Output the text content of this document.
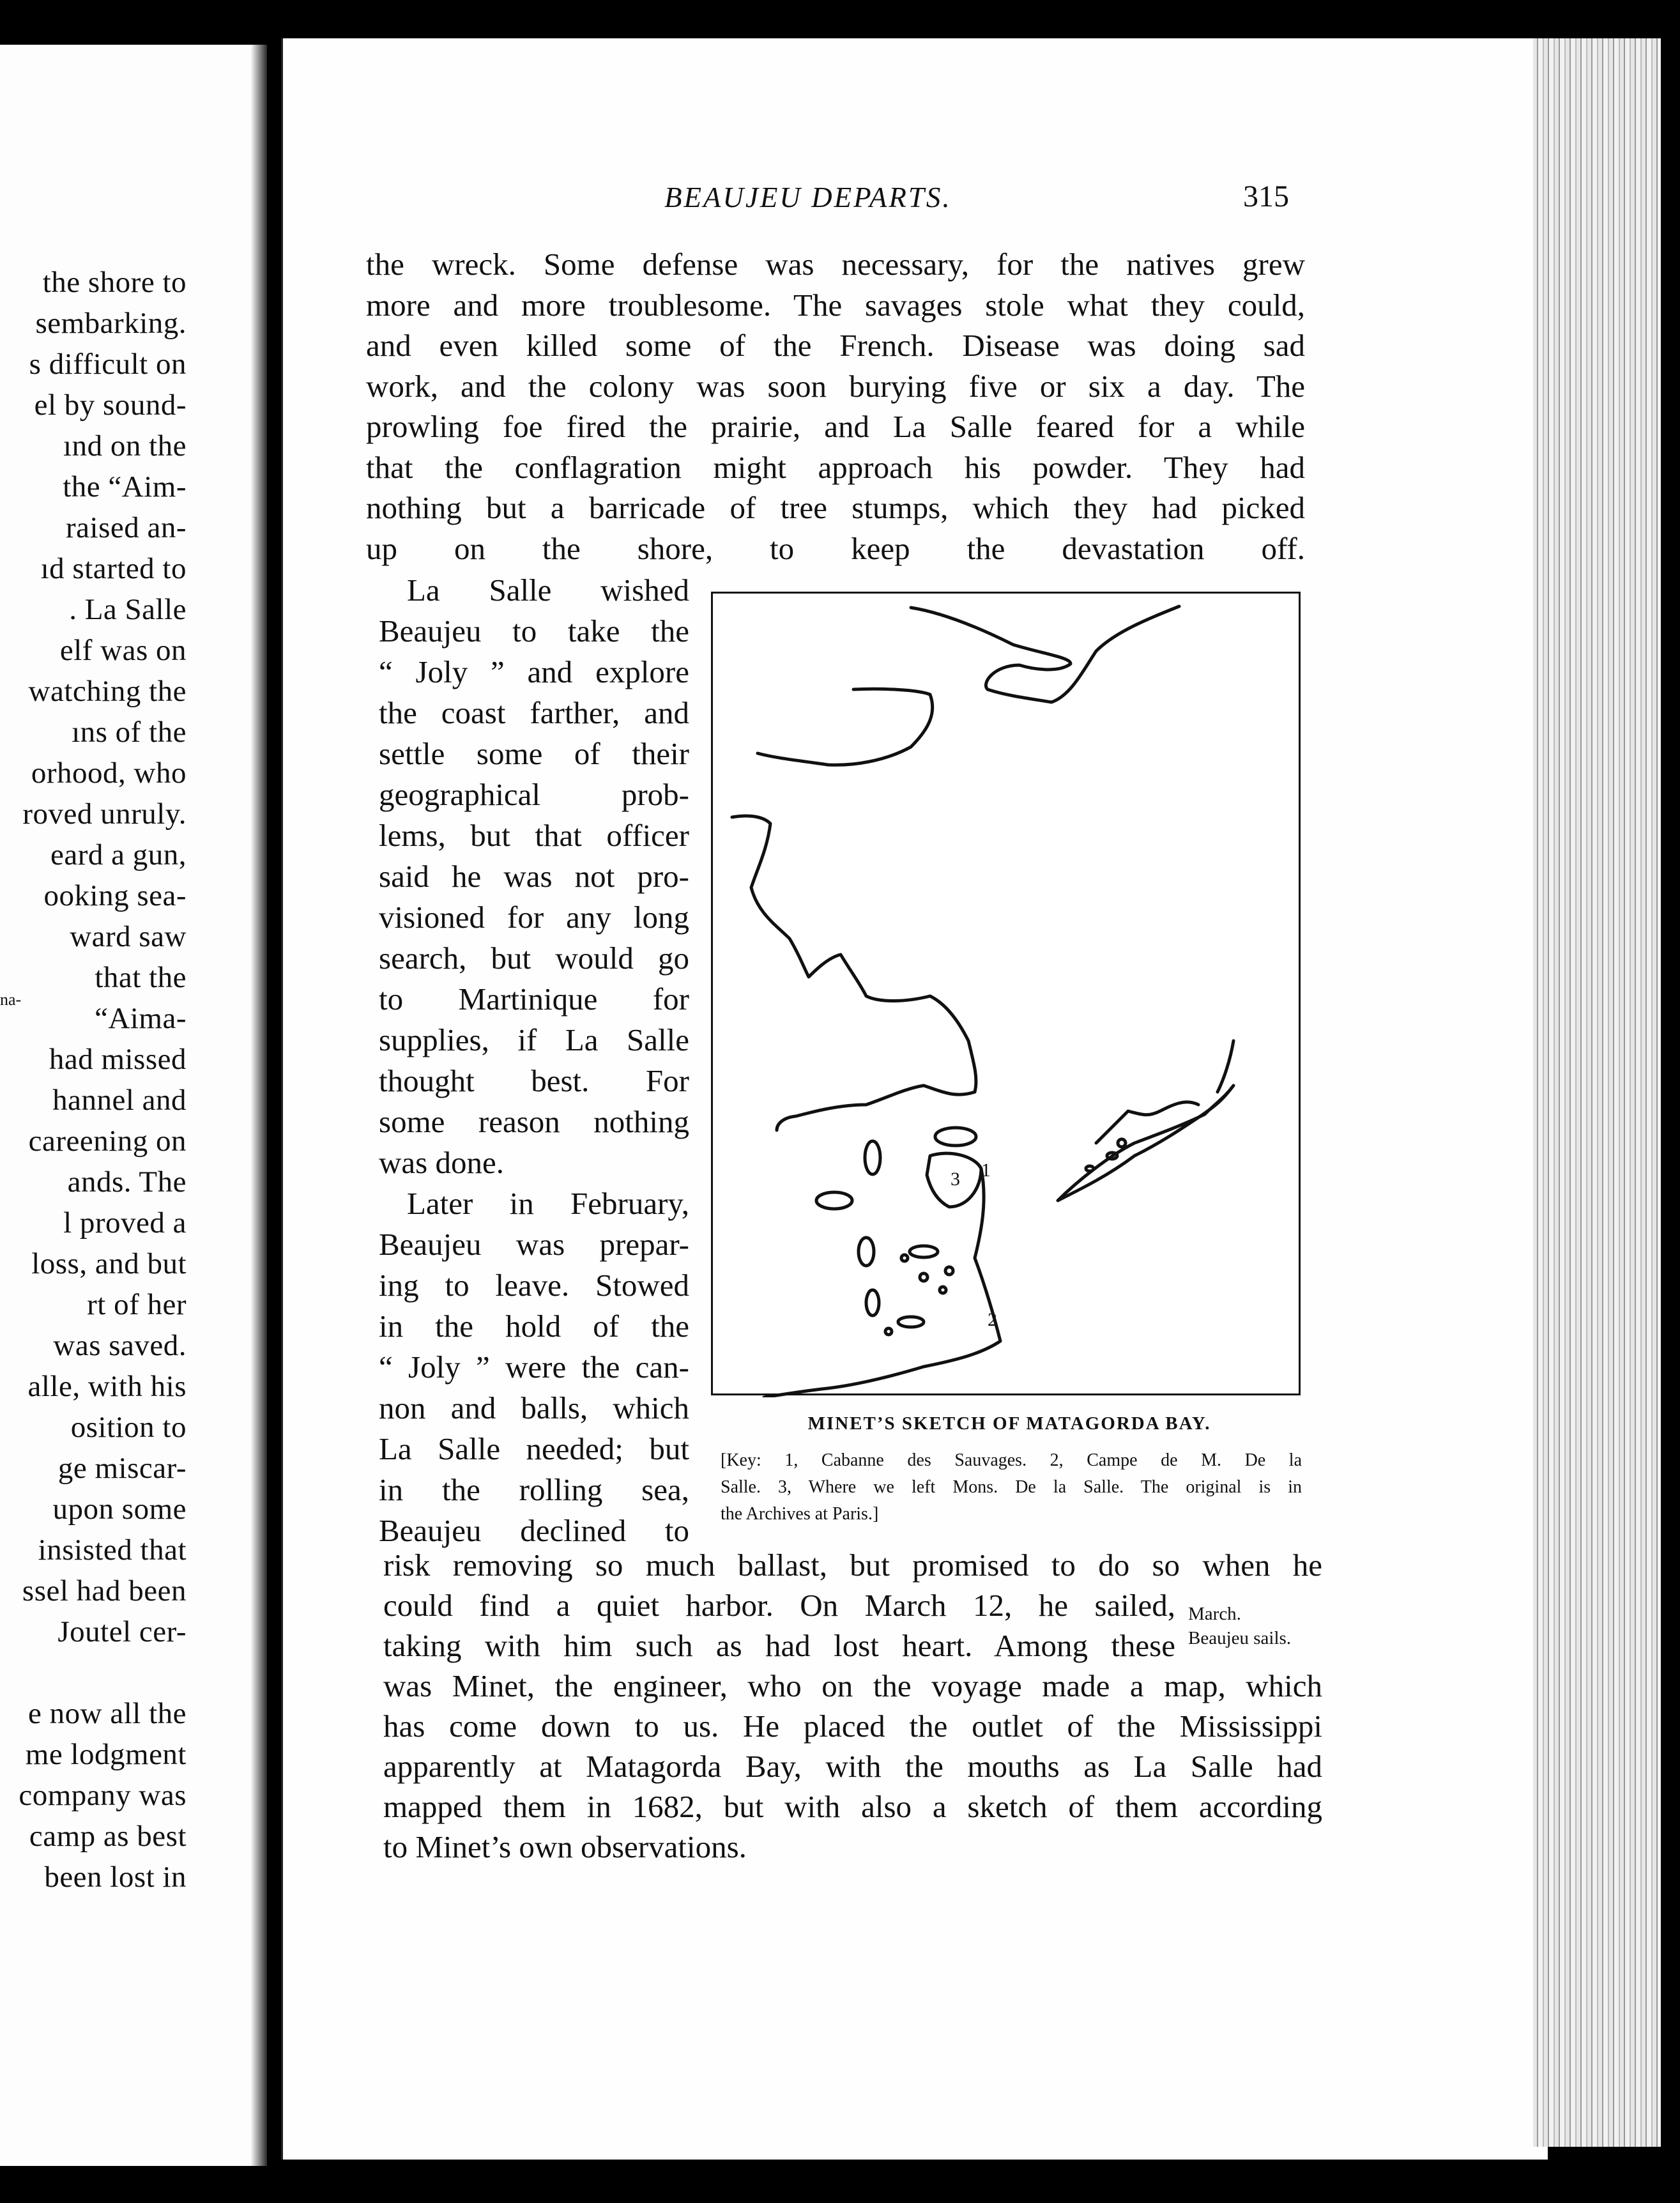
the shore to
sembarking.
s difficult on
el by sound-
ınd on the
the “Aim-
raised an-
ıd started to
. La Salle
elf was on
watching the
ıns of the
orhood, who
roved unruly.
eard a gun,
ooking sea-
ward saw
that the
“Aima-
had missed
hannel and
careening on
ands. The
l proved a
loss, and but
rt of her
was saved.
alle, with his
osition to
ge miscar-
upon some
insisted that
ssel had been
Joutel cer-
e now all the
me lodgment
company was
camp as best
been lost in
na-
BEAUJEU DEPARTS.	315
the wreck. Some defense was necessary, for the natives grew
more and more troublesome. The savages stole what they could,
and even killed some of the French. Disease was doing sad
work, and the colony was soon burying five or six a day. The
prowling foe fired the prairie, and La Salle feared for a while
that the conflagration might approach his powder. They had
nothing but a barricade of tree stumps, which they had picked
up on the shore, to keep the devastation off.
La Salle wished
Beaujeu to take the
“ Joly ” and explore
the coast farther, and
settle some of their
geographical prob-
lems, but that officer
said he was not pro-
visioned for any long
search, but would go
to Martinique for
supplies, if La Salle
thought best. For
some reason nothing
was done.
Later in February,
Beaujeu was prepar-
ing to leave. Stowed
in the hold of the
“ Joly ” were the can-
non and balls, which
La Salle needed; but
in the rolling sea,
Beaujeu declined to
risk removing so much ballast, but promised to do so when he
could find a quiet harbor. On March 12, he sailed,
taking with him such as had lost heart. Among these
was Minet, the engineer, who on the voyage made a map, which
has come down to us. He placed the outlet of the Mississippi
apparently at Matagorda Bay, with the mouths as La Salle had
mapped them in 1682, but with also a sketch of them according
to Minet’s own observations.
March.
Beaujeu sails.
1
2
3
MINET’S SKETCH OF MATAGORDA BAY.
[Key: 1, Cabanne des Sauvages. 2, Campe de M. De la
Salle. 3, Where we left Mons. De la Salle. The original is in
the Archives at Paris.]
